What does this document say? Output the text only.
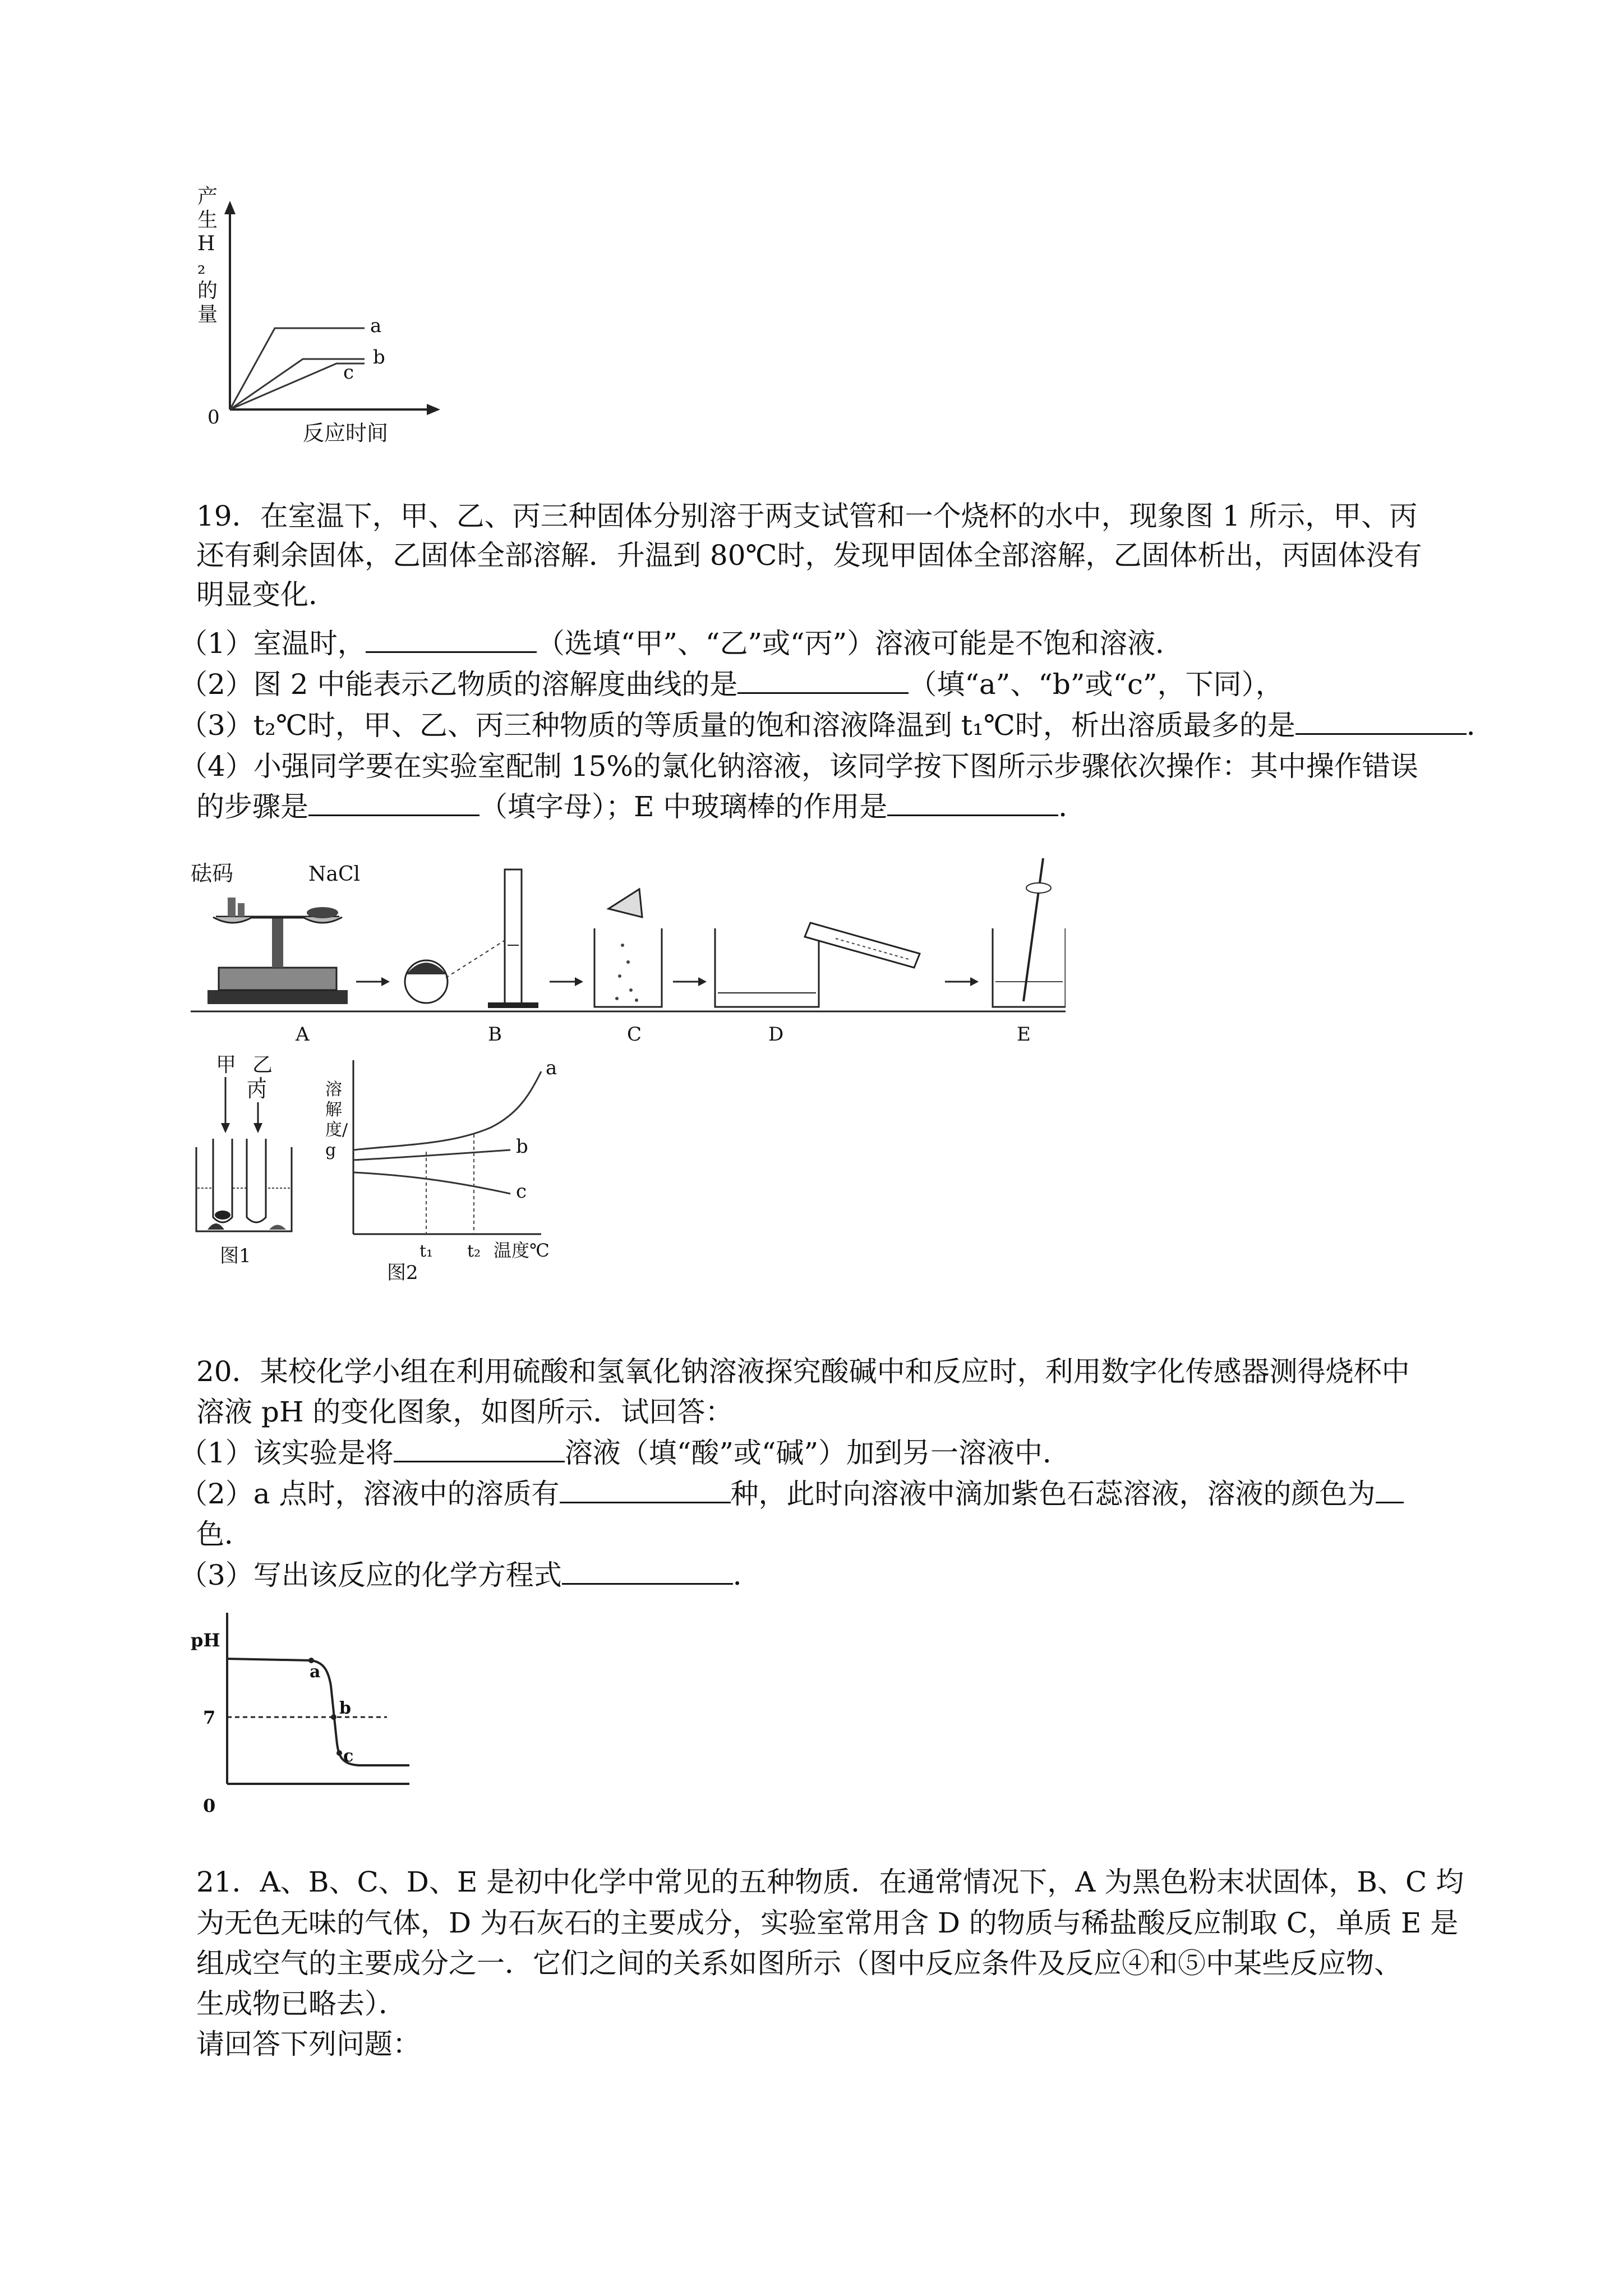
a
b
c
0
反应时间
产生H₂的量
19．在室温下，甲、乙、丙三种固体分别溶于两支试管和一个烧杯的水中，现象图 1 所示，甲、丙
还有剩余固体，乙固体全部溶解．升温到 80℃时，发现甲固体全部溶解，乙固体析出，丙固体没有
明显变化．
（1）室温时，	（选填“甲”、“乙”或“丙”）溶液可能是不饱和溶液．
（2）图 2 中能表示乙物质的溶解度曲线的是	（填“a”、“b”或“c”，下同），
（3）t₂℃时，甲、乙、丙三种物质的等质量的饱和溶液降温到 t₁℃时，析出溶质最多的是	．
（4）小强同学要在实验室配制 15%的氯化钠溶液，该同学按下图所示步骤依次操作：其中操作错误
的步骤是	（填字母）；E 中玻璃棒的作用是	．
砝码	NaCl
A	B	C	D	E
甲 乙
丙
图1
a
b
c
t₁ t₂ 温度℃
图2
溶解度/g
20．某校化学小组在利用硫酸和氢氧化钠溶液探究酸碱中和反应时，利用数字化传感器测得烧杯中
溶液 pH 的变化图象，如图所示．试回答：
（1）该实验是将	溶液（填“酸”或“碱”）加到另一溶液中．
（2）a 点时，溶液中的溶质有	种，此时向溶液中滴加紫色石蕊溶液，溶液的颜色为
色．
（3）写出该反应的化学方程式	．
pH
7
0
a
b
c
21．A、B、C、D、E 是初中化学中常见的五种物质．在通常情况下，A 为黑色粉末状固体，B、C 均
为无色无味的气体，D 为石灰石的主要成分，实验室常用含 D 的物质与稀盐酸反应制取 C，单质 E 是
组成空气的主要成分之一．它们之间的关系如图所示（图中反应条件及反应④和⑤中某些反应物、
生成物已略去）．
请回答下列问题：
